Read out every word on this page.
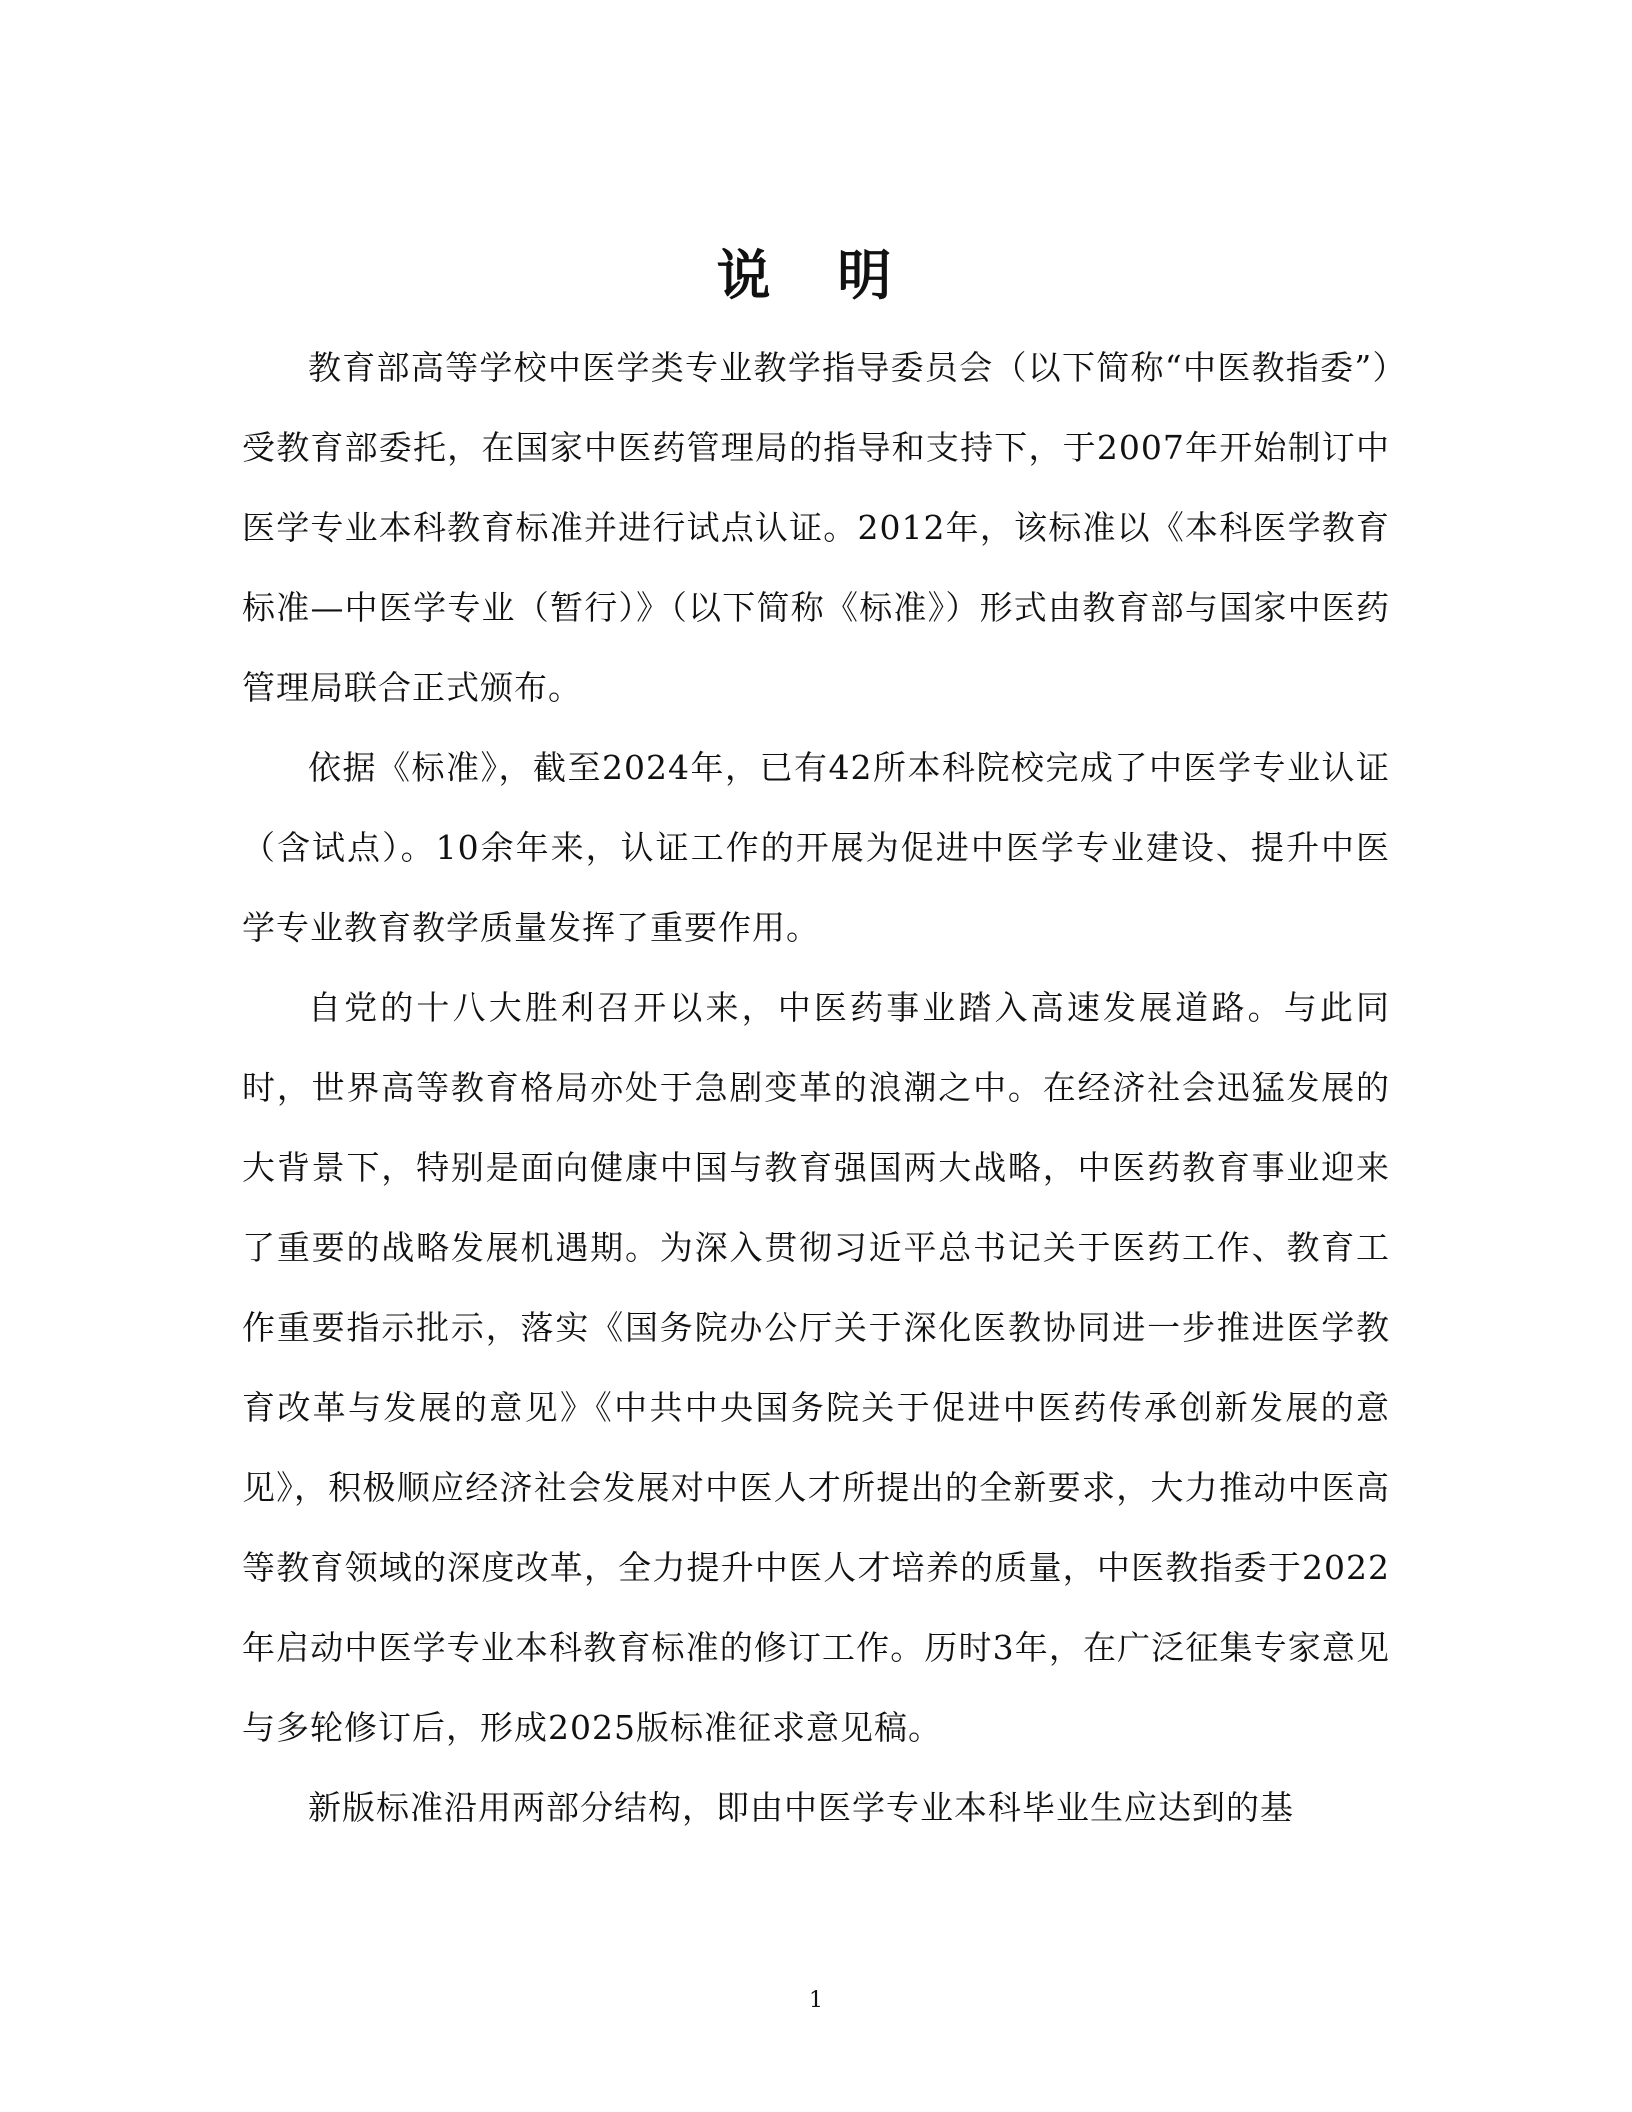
说 明

教育部高等学校中医学类专业教学指导委员会（以下简称“中医教指委”）受教育部委托，在国家中医药管理局的指导和支持下，于2007年开始制订中医学专业本科教育标准并进行试点认证。2012年，该标准以《本科医学教育标准—中医学专业（暂行）》（以下简称《标准》）形式由教育部与国家中医药管理局联合正式颁布。

依据《标准》，截至2024年，已有42所本科院校完成了中医学专业认证（含试点）。10余年来，认证工作的开展为促进中医学专业建设、提升中医学专业教育教学质量发挥了重要作用。

自党的十八大胜利召开以来，中医药事业踏入高速发展道路。与此同时，世界高等教育格局亦处于急剧变革的浪潮之中。在经济社会迅猛发展的大背景下，特别是面向健康中国与教育强国两大战略，中医药教育事业迎来了重要的战略发展机遇期。为深入贯彻习近平总书记关于医药工作、教育工作重要指示批示，落实《国务院办公厅关于深化医教协同进一步推进医学教育改革与发展的意见》《中共中央国务院关于促进中医药传承创新发展的意见》，积极顺应经济社会发展对中医人才所提出的全新要求，大力推动中医高等教育领域的深度改革，全力提升中医人才培养的质量，中医教指委于2022年启动中医学专业本科教育标准的修订工作。历时3年，在广泛征集专家意见与多轮修订后，形成2025版标准征求意见稿。

新版标准沿用两部分结构，即由中医学专业本科毕业生应达到的基

1
